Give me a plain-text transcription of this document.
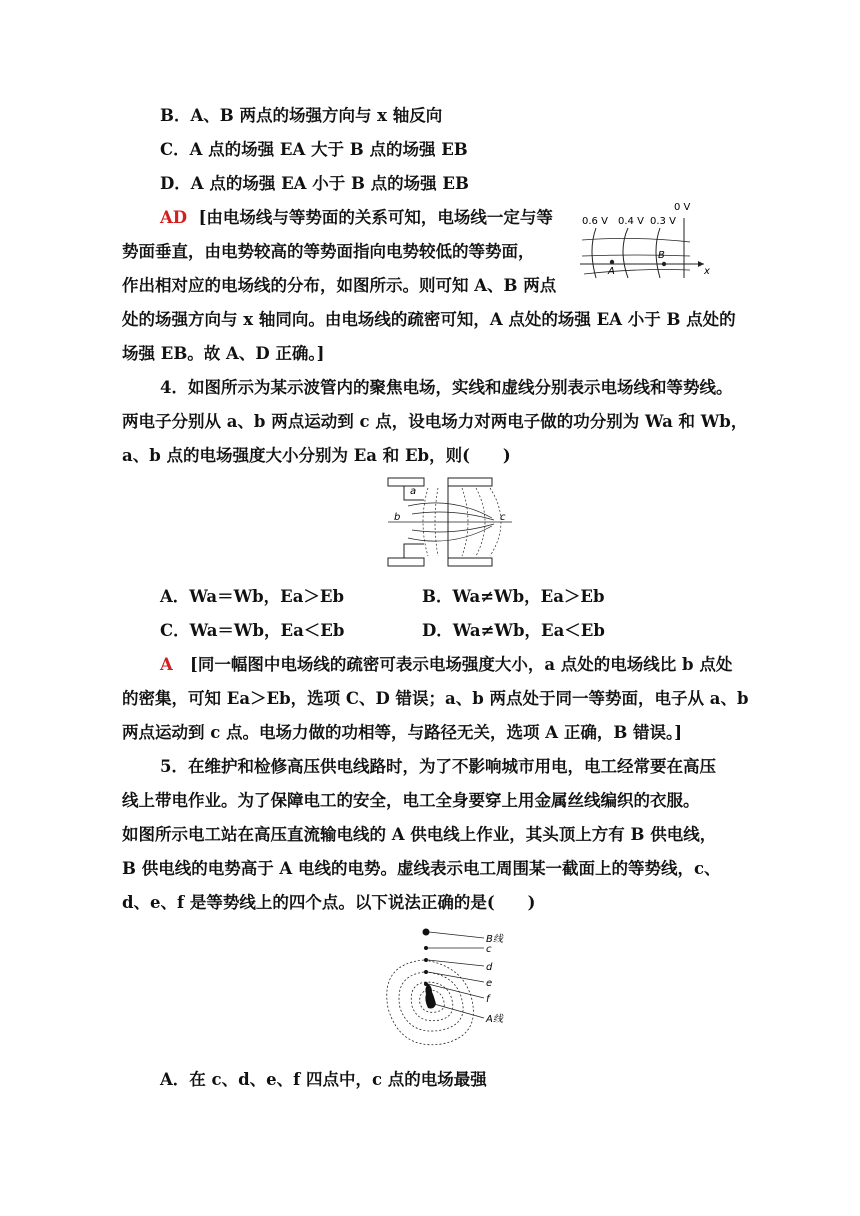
B．A、B 两点的场强方向与 x 轴反向
C．A 点的场强 EA 大于 B 点的场强 EB
D．A 点的场强 EA 小于 B 点的场强 EB
AD [由电场线与等势面的关系可知，电场线一定与等
势面垂直，由电势较高的等势面指向电势较低的等势面，
作出相对应的电场线的分布，如图所示。则可知 A、B 两点
处的场强方向与 x 轴同向。由电场线的疏密可知，A 点处的场强 EA 小于 B 点处的
场强 EB。故 A、D 正确。]
0 V
0.6 V 0.4 V 0.3 V
x
A
B
4．如图所示为某示波管内的聚焦电场，实线和虚线分别表示电场线和等势线。
两电子分别从 a、b 两点运动到 c 点，设电场力对两电子做的功分别为 Wa 和 Wb，
a、b 点的电场强度大小分别为 Ea 和 Eb，则(　　)
a
b	c
A．Wa＝Wb，Ea＞Eb	B．Wa≠Wb，Ea＞Eb
C．Wa＝Wb，Ea＜Eb	D．Wa≠Wb，Ea＜Eb
A [同一幅图中电场线的疏密可表示电场强度大小，a 点处的电场线比 b 点处
的密集，可知 Ea＞Eb，选项 C、D 错误；a、b 两点处于同一等势面，电子从 a、b
两点运动到 c 点。电场力做的功相等，与路径无关，选项 A 正确，B 错误。]
5．在维护和检修高压供电线路时，为了不影响城市用电，电工经常要在高压
线上带电作业。为了保障电工的安全，电工全身要穿上用金属丝线编织的衣服。
如图所示电工站在高压直流输电线的 A 供电线上作业，其头顶上方有 B 供电线，
B 供电线的电势高于 A 电线的电势。虚线表示电工周围某一截面上的等势线，c、
d、e、f 是等势线上的四个点。以下说法正确的是(　　)
B线
c
d
e
f
A线
A．在 c、d、e、f 四点中，c 点的电场最强
